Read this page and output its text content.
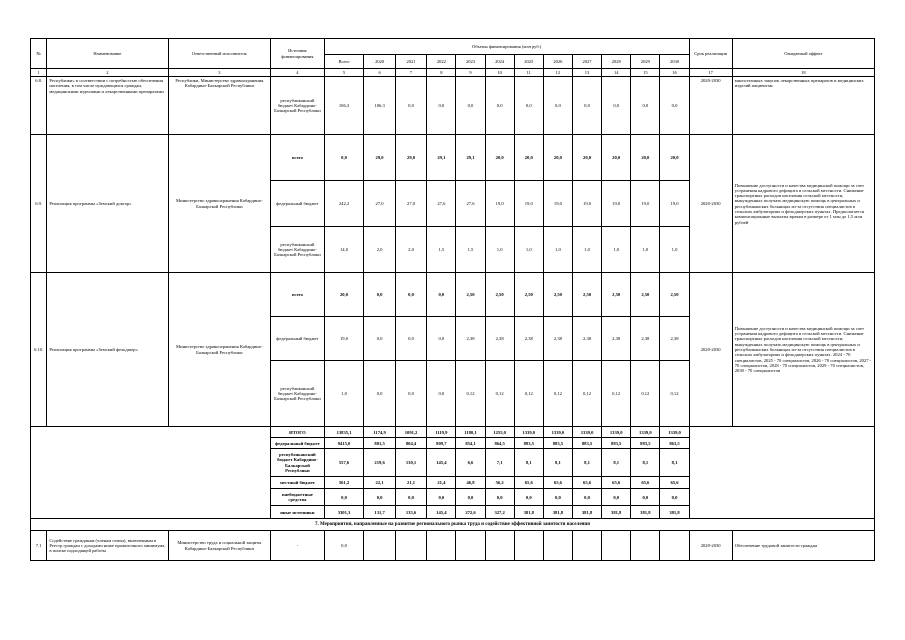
№	Наименование	Ответственный исполнитель	Источник финансирования	Объемы финансирования (млн руб.)												Срок реализации	Ожидаемый эффект
				Всего	2020	2021	2022	2023	2024	2025	2026	2027	2028	2029	2030		
1	2	3	4	5	6	7	8	9	10	11	12	13	14	15	16	17	18
6.8.	Республики» в соответствии с потребностью обеспечения населения, в том числе нуждающихся граждан, медицинскими изделиями и лекарственными препаратами	Республики, Министерство здравоохранения Кабардино-Балкарской Республики	республиканский бюджет Кабардино-Балкарской Республики	106,3	106,3	0,0	0,0	0,0	0,0	0,0	0,0	0,0	0,0	0,0	0,0	2020-2030	многоэтапных закупок лекарственных препаратов и медицинских изделий пациентам
6.9.	Реализация программы «Земский доктор»	Министерство здравоохранения Кабардино-Балкарской Республики	всего	0,0	29,0	29,0	29,1	29,1	20,0	20,0	20,0	20,0	20,0	20,0	20,0	2020-2030	Повышение доступности и качества медицинской помощи за счет устранения кадрового дефицита в сельской местности. Снижение транспортных расходов населения сельской местности, вынужденных получать медицинскую помощь в центральных и республиканских больницах из-за отсутствия специалистов в сельских амбулаториях и фельдшерских пунктах. Предполагается компенсационные выплаты врачам в размере от 1 млн до 1,5 млн рублей
			федеральный бюджет	242,2	27,0	27,0	27,6	27,6	19,0	19,0	19,0	19,0	19,0	19,0	19,0		
			республиканский бюджет Кабардино-Балкарской Республики	14,0	2,0	2,0	1,5	1,5	1,0	1,0	1,0	1,0	1,0	1,0	1,0		
6.10.	Реализация программы «Земский фельдшер»	Министерство здравоохранения Кабардино-Балкарской Республики	всего	20,0	0,0	0,0	0,0	2,50	2,50	2,50	2,50	2,50	2,50	2,50	2,50	2020-2030	Повышение доступности и качества медицинской помощи за счет устранения кадрового дефицита в сельской местности. Снижение транспортных расходов населения сельской местности, вынужденных получать медицинскую помощь в центральных и республиканских больницах из-за отсутствия специалистов в сельских амбулаториях и фельдшерских пунктах. 2024 - 70 специалистов, 2025 - 70 специалистов, 2026 - 70 специалистов, 2027 - 70 специалистов, 2028 - 70 специалистов, 2029 - 70 специалистов, 2030 - 70 специалистов
			федеральный бюджет	19,0	0,0	0,0	0,0	2,38	2,38	2,38	2,38	2,38	2,38	2,38	2,38		
			республиканский бюджет Кабардино-Балкарской Республики	1,0	0,0	0,0	0,0	0,12	0,12	0,12	0,12	0,12	0,12	0,12	0,12		
			ИТОГО	13835,1	1174,9	1091,2	1119,9	1180,1	1255,0	1339,0	1339,0	1339,0	1339,0	1339,0	1339,0		
			федеральный бюджет	9415,0	801,5	804,4	809,7	854,1	864,5	883,5	883,5	883,5	883,5	883,5	863,5		
			республиканский бюджет Кабардино-Балкарской Республики	557,6	219,6	130,1	145,4	6,6	7,1	8,1	8,1	8,1	8,1	8,1	8,1		
			местный бюджет	561,2	22,1	21,1	21,4	46,8	56,2	65,6	65,6	65,6	65,6	65,6	65,6		
			внебюджетные средства	0,0	0,0	0,0	0,0	0,0	0,0	0,0	0,0	0,0	0,0	0,0	0,0		
			иные источники	3301,3	131,7	135,6	145,4	272,6	327,2	381,8	381,8	381,8	381,8	381,8	381,8		
7. Мероприятия, направленные на развитие регионального рынка труда и содействие эффективной занятости населения																	
7.1	Содействие гражданам (членам семьи), включенным в Реестр граждан с доходами ниже прожиточного минимума, в поиске подходящей работы	Министерство труда и социальной защиты Кабардино-Балкарской Республики	-	0,0												2020-2030	Обеспечение трудовой занятости граждан
